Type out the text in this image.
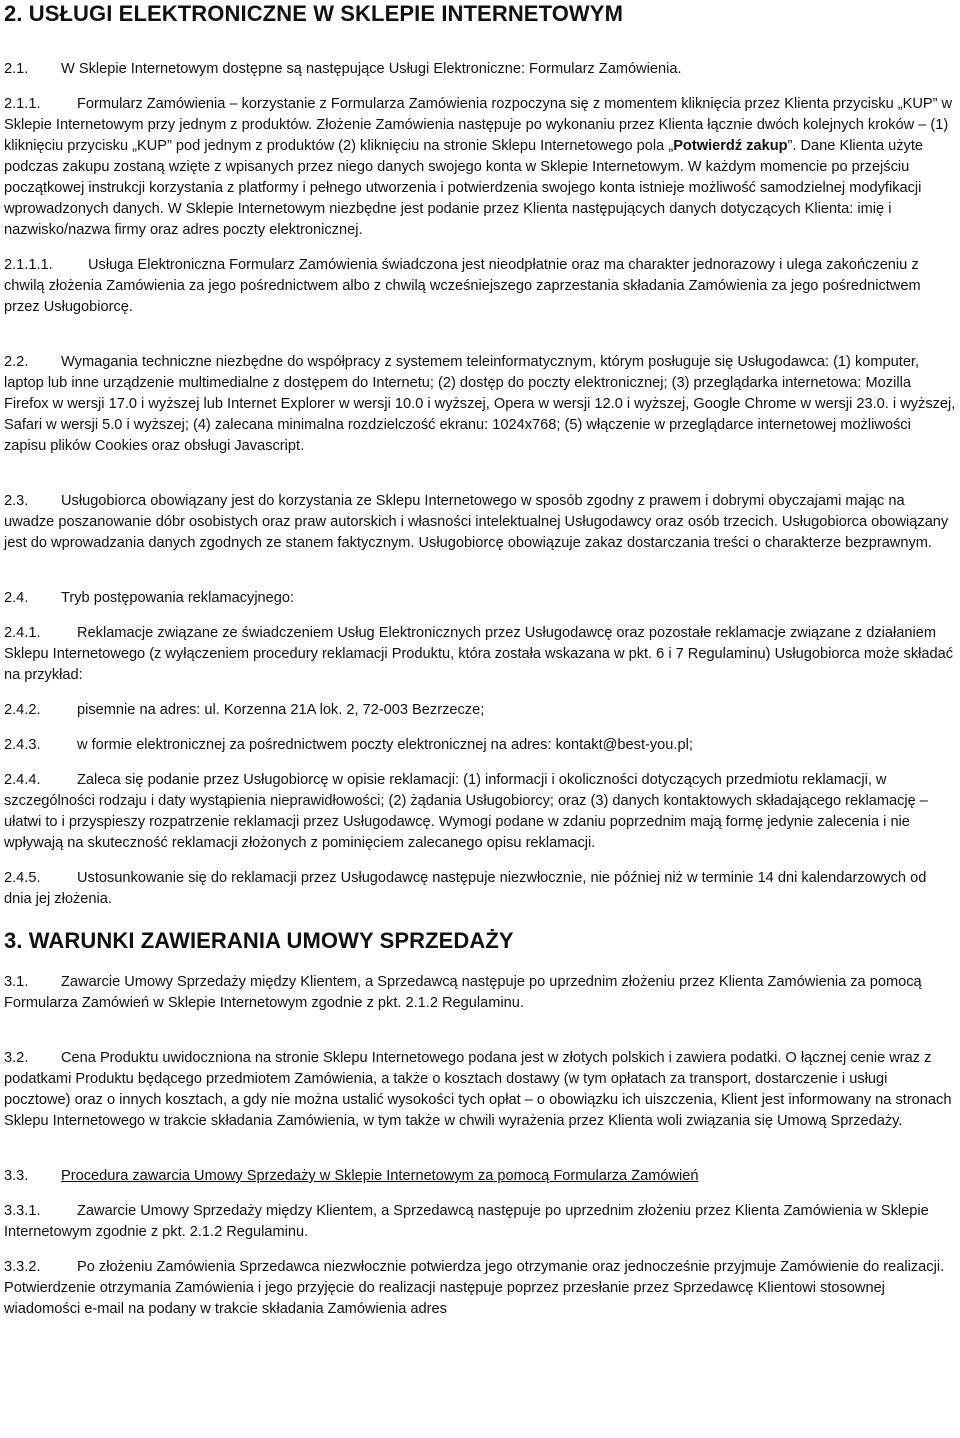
2. USŁUGI ELEKTRONICZNE W SKLEPIE INTERNETOWYM

2.1. W Sklepie Internetowym dostępne są następujące Usługi Elektroniczne: Formularz Zamówienia.

2.1.1. Formularz Zamówienia – korzystanie z Formularza Zamówienia rozpoczyna się z momentem kliknięcia przez Klienta przycisku „KUP” w Sklepie Internetowym przy jednym z produktów. Złożenie Zamówienia następuje po wykonaniu przez Klienta łącznie dwóch kolejnych kroków – (1) kliknięciu przycisku „KUP” pod jednym z produktów (2) kliknięciu na stronie Sklepu Internetowego pola „Potwierdź zakup”. Dane Klienta użyte podczas zakupu zostaną wzięte z wpisanych przez niego danych swojego konta w Sklepie Internetowym. W każdym momencie po przejściu początkowej instrukcji korzystania z platformy i pełnego utworzenia i potwierdzenia swojego konta istnieje możliwość samodzielnej modyfikacji wprowadzonych danych. W Sklepie Internetowym niezbędne jest podanie przez Klienta następujących danych dotyczących Klienta: imię i nazwisko/nazwa firmy oraz adres poczty elektronicznej.

2.1.1.1. Usługa Elektroniczna Formularz Zamówienia świadczona jest nieodpłatnie oraz ma charakter jednorazowy i ulega zakończeniu z chwilą złożenia Zamówienia za jego pośrednictwem albo z chwilą wcześniejszego zaprzestania składania Zamówienia za jego pośrednictwem przez Usługobiorcę.

2.2. Wymagania techniczne niezbędne do współpracy z systemem teleinformatycznym, którym posługuje się Usługodawca: (1) komputer, laptop lub inne urządzenie multimedialne z dostępem do Internetu; (2) dostęp do poczty elektronicznej; (3) przeglądarka internetowa: Mozilla Firefox w wersji 17.0 i wyższej lub Internet Explorer w wersji 10.0 i wyższej, Opera w wersji 12.0 i wyższej, Google Chrome w wersji 23.0. i wyższej, Safari w wersji 5.0 i wyższej; (4) zalecana minimalna rozdzielczość ekranu: 1024x768; (5) włączenie w przeglądarce internetowej możliwości zapisu plików Cookies oraz obsługi Javascript.

2.3. Usługobiorca obowiązany jest do korzystania ze Sklepu Internetowego w sposób zgodny z prawem i dobrymi obyczajami mając na uwadze poszanowanie dóbr osobistych oraz praw autorskich i własności intelektualnej Usługodawcy oraz osób trzecich. Usługobiorca obowiązany jest do wprowadzania danych zgodnych ze stanem faktycznym. Usługobiorcę obowiązuje zakaz dostarczania treści o charakterze bezprawnym.

2.4. Tryb postępowania reklamacyjnego:

2.4.1. Reklamacje związane ze świadczeniem Usług Elektronicznych przez Usługodawcę oraz pozostałe reklamacje związane z działaniem Sklepu Internetowego (z wyłączeniem procedury reklamacji Produktu, która została wskazana w pkt. 6 i 7 Regulaminu) Usługobiorca może składać na przykład:

2.4.2. pisemnie na adres: ul. Korzenna 21A lok. 2, 72-003 Bezrzecze;

2.4.3. w formie elektronicznej za pośrednictwem poczty elektronicznej na adres: kontakt@best-you.pl;

2.4.4. Zaleca się podanie przez Usługobiorcę w opisie reklamacji: (1) informacji i okoliczności dotyczących przedmiotu reklamacji, w szczególności rodzaju i daty wystąpienia nieprawidłowości; (2) żądania Usługobiorcy; oraz (3) danych kontaktowych składającego reklamację – ułatwi to i przyspieszy rozpatrzenie reklamacji przez Usługodawcę. Wymogi podane w zdaniu poprzednim mają formę jedynie zalecenia i nie wpływają na skuteczność reklamacji złożonych z pominięciem zalecanego opisu reklamacji.

2.4.5. Ustosunkowanie się do reklamacji przez Usługodawcę następuje niezwłocznie, nie później niż w terminie 14 dni kalendarzowych od dnia jej złożenia.

3. WARUNKI ZAWIERANIA UMOWY SPRZEDAŻY

3.1. Zawarcie Umowy Sprzedaży między Klientem, a Sprzedawcą następuje po uprzednim złożeniu przez Klienta Zamówienia za pomocą Formularza Zamówień w Sklepie Internetowym zgodnie z pkt. 2.1.2 Regulaminu.

3.2. Cena Produktu uwidoczniona na stronie Sklepu Internetowego podana jest w złotych polskich i zawiera podatki. O łącznej cenie wraz z podatkami Produktu będącego przedmiotem Zamówienia, a także o kosztach dostawy (w tym opłatach za transport, dostarczenie i usługi pocztowe) oraz o innych kosztach, a gdy nie można ustalić wysokości tych opłat – o obowiązku ich uiszczenia, Klient jest informowany na stronach Sklepu Internetowego w trakcie składania Zamówienia, w tym także w chwili wyrażenia przez Klienta woli związania się Umową Sprzedaży.

3.3. Procedura zawarcia Umowy Sprzedaży w Sklepie Internetowym za pomocą Formularza Zamówień

3.3.1. Zawarcie Umowy Sprzedaży między Klientem, a Sprzedawcą następuje po uprzednim złożeniu przez Klienta Zamówienia w Sklepie Internetowym zgodnie z pkt. 2.1.2 Regulaminu.

3.3.2. Po złożeniu Zamówienia Sprzedawca niezwłocznie potwierdza jego otrzymanie oraz jednocześnie przyjmuje Zamówienie do realizacji. Potwierdzenie otrzymania Zamówienia i jego przyjęcie do realizacji następuje poprzez przesłanie przez Sprzedawcę Klientowi stosownej wiadomości e-mail na podany w trakcie składania Zamówienia adres
